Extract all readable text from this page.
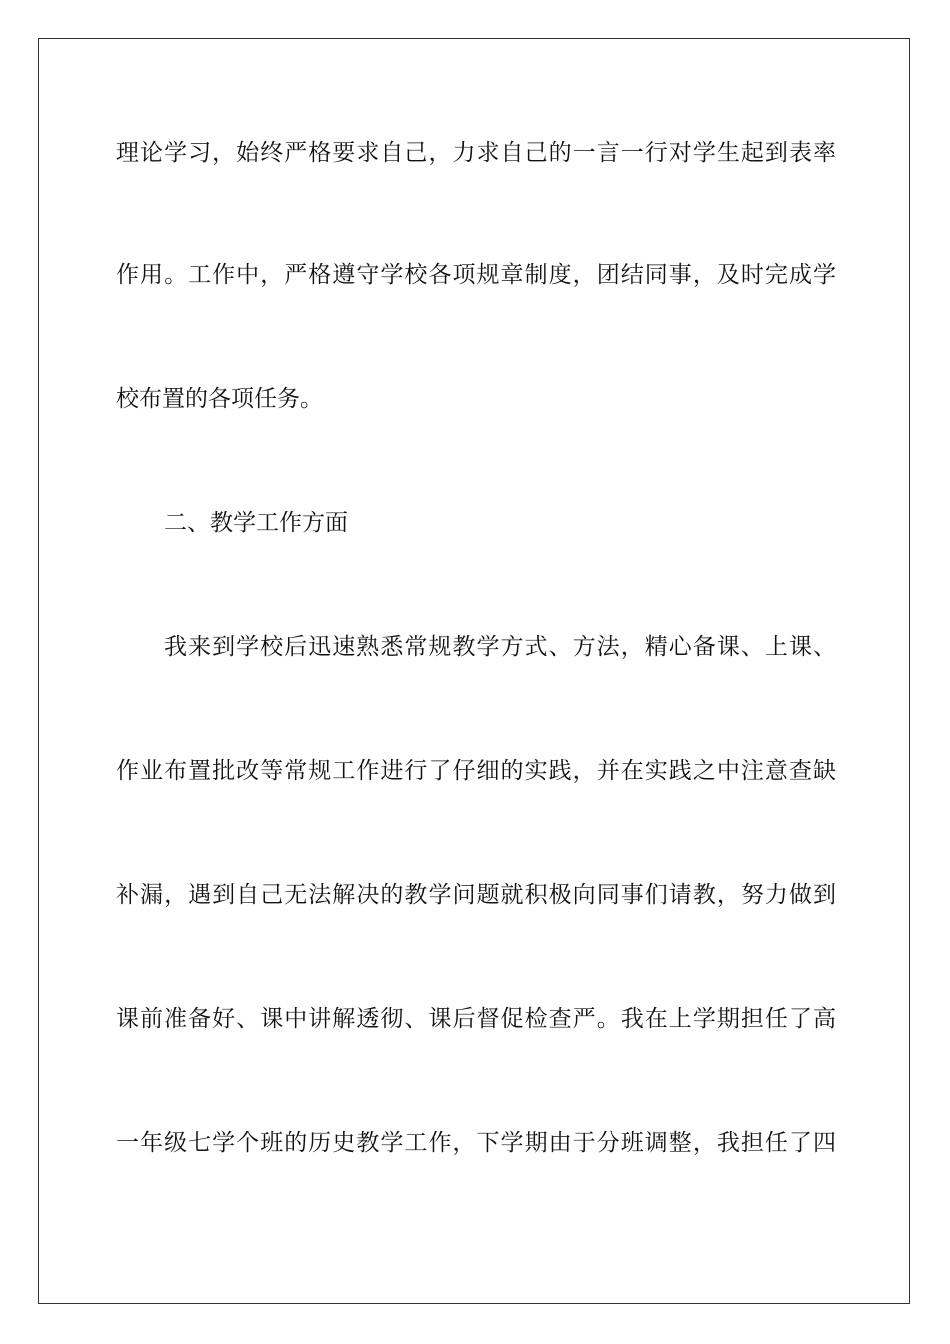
理论学习，始终严格要求自己，力求自己的一言一行对学生起到表率
作用。工作中，严格遵守学校各项规章制度，团结同事，及时完成学
校布置的各项任务。
二、教学工作方面
我来到学校后迅速熟悉常规教学方式、方法，精心备课、上课、
作业布置批改等常规工作进行了仔细的实践，并在实践之中注意查缺
补漏，遇到自己无法解决的教学问题就积极向同事们请教，努力做到
课前准备好、课中讲解透彻、课后督促检查严。我在上学期担任了高
一年级七学个班的历史教学工作，下学期由于分班调整，我担任了四
